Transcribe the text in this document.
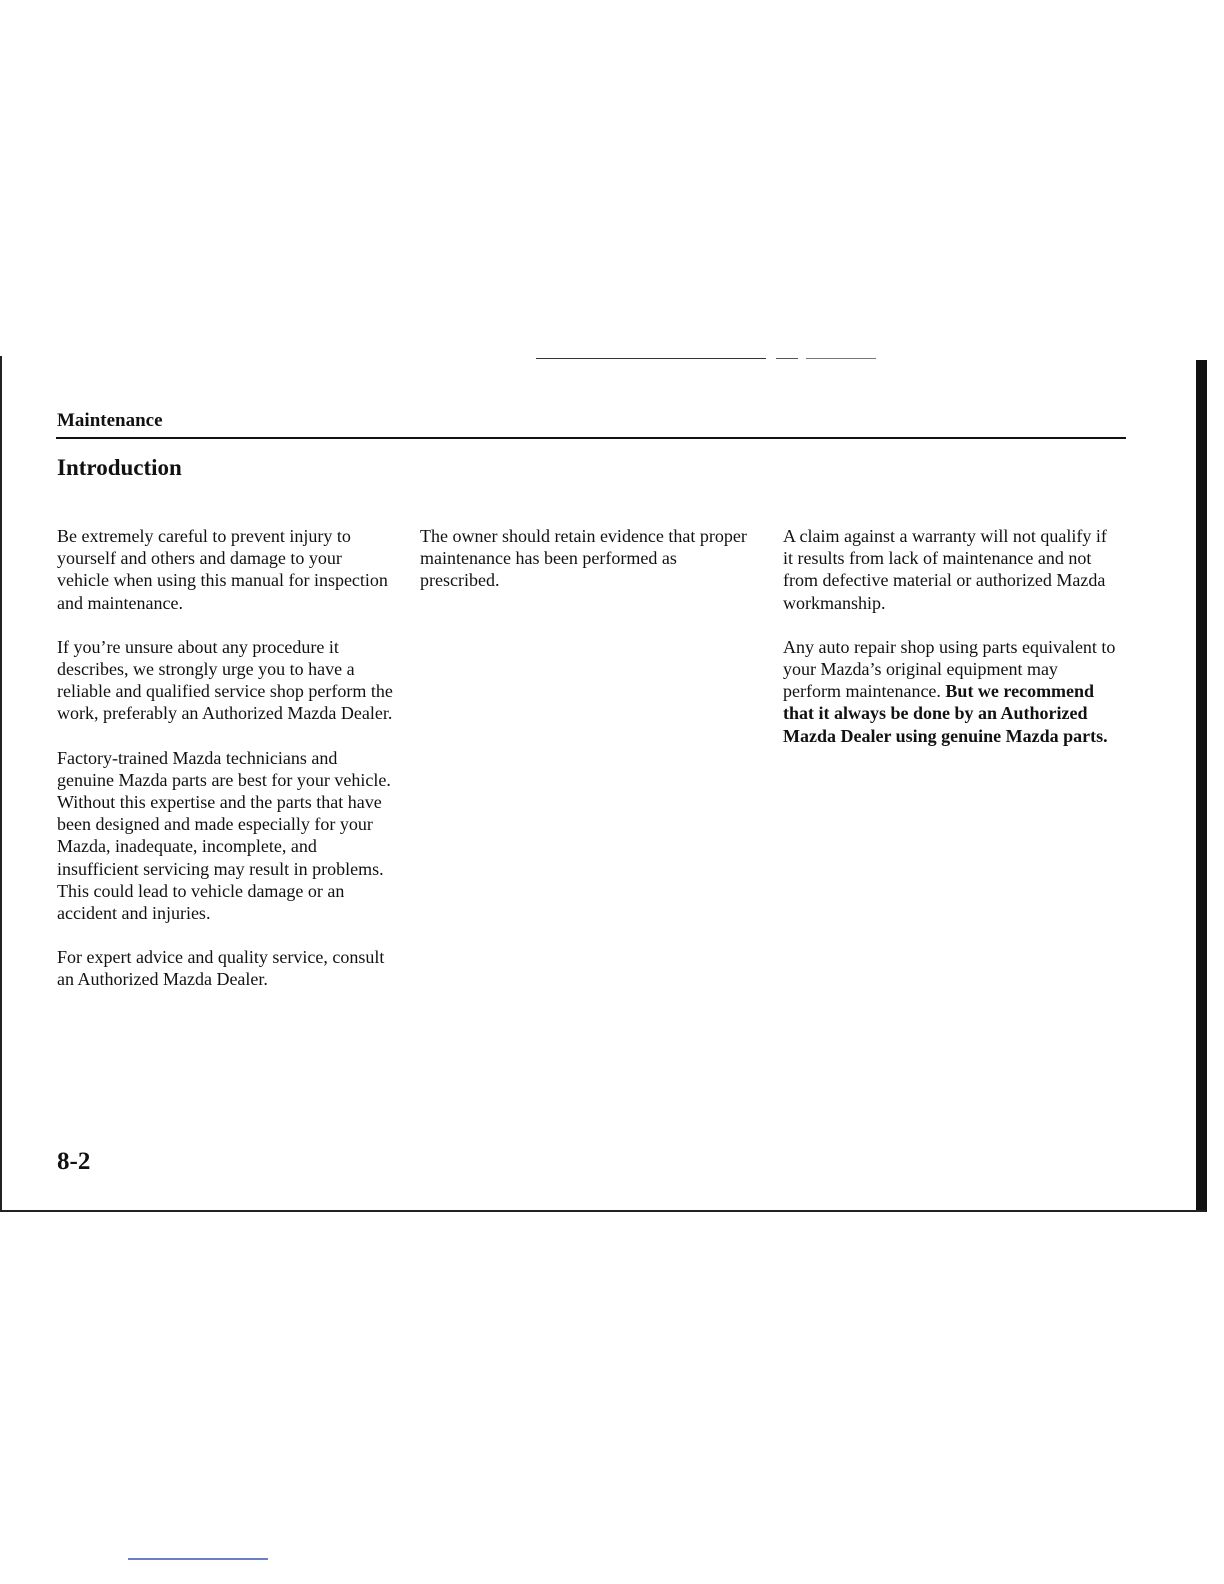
Maintenance
Introduction

Be extremely careful to prevent injury to yourself and others and damage to your vehicle when using this manual for inspection and maintenance.

If you’re unsure about any procedure it describes, we strongly urge you to have a reliable and qualified service shop perform the work, preferably an Authorized Mazda Dealer.

Factory-trained Mazda technicians and genuine Mazda parts are best for your vehicle. Without this expertise and the parts that have been designed and made especially for your Mazda, inadequate, incomplete, and insufficient servicing may result in problems. This could lead to vehicle damage or an accident and injuries.

For expert advice and quality service, consult an Authorized Mazda Dealer.

The owner should retain evidence that proper maintenance has been performed as prescribed.

A claim against a warranty will not qualify if it results from lack of maintenance and not from defective material or authorized Mazda workmanship.

Any auto repair shop using parts equivalent to your Mazda’s original equipment may perform maintenance. But we recommend that it always be done by an Authorized Mazda Dealer using genuine Mazda parts.

8-2
